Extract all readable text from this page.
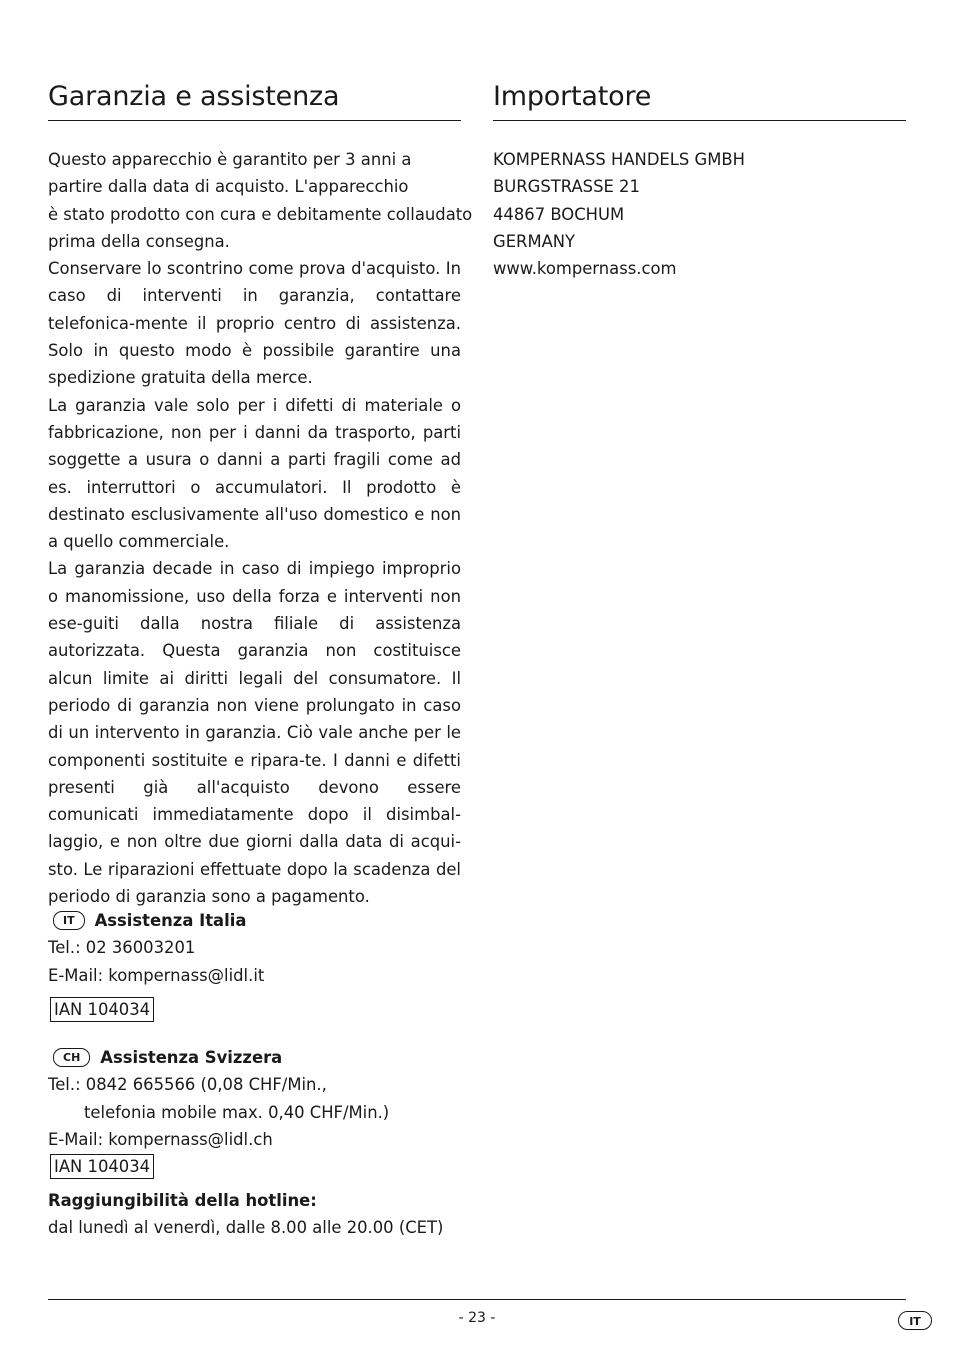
Garanzia e assistenza

Questo apparecchio è garantito per 3 anni a
partire dalla data di acquisto. L'apparecchio
è stato prodotto con cura e debitamente collaudato
prima della consegna.

Conservare lo scontrino come prova d'acquisto. In caso di interventi in garanzia, contattare telefonica-mente il proprio centro di assistenza. Solo in questo modo è possibile garantire una spedizione gratuita della merce.

La garanzia vale solo per i difetti di materiale o fabbricazione, non per i danni da trasporto, parti soggette a usura o danni a parti fragili come ad es. interruttori o accumulatori. Il prodotto è destinato esclusivamente all'uso domestico e non a quello commerciale.

La garanzia decade in caso di impiego improprio o manomissione, uso della forza e interventi non ese-guiti dalla nostra filiale di assistenza autorizzata. Questa garanzia non costituisce alcun limite ai diritti legali del consumatore. Il periodo di garanzia non viene prolungato in caso di un intervento in garanzia. Ciò vale anche per le componenti sostituite e ripara-te. I danni e difetti presenti già all'acquisto devono essere comunicati immediatamente dopo il disimbal-laggio, e non oltre due giorni dalla data di acqui-sto. Le riparazioni effettuate dopo la scadenza del periodo di garanzia sono a pagamento.

IT	Assistenza Italia
Tel.: 02 36003201
E-Mail: kompernass@lidl.it
IAN 104034
CH	Assistenza Svizzera
Tel.: 0842 665566 (0,08 CHF/Min.,
telefonia mobile max. 0,40 CHF/Min.)
E-Mail: kompernass@lidl.ch
IAN 104034
Raggiungibilità della hotline:
dal lunedì al venerdì, dalle 8.00 alle 20.00 (CET)
Importatore
KOMPERNASS HANDELS GMBH
BURGSTRASSE 21
44867 BOCHUM
GERMANY
www.kompernass.com
- 23 -	IT
